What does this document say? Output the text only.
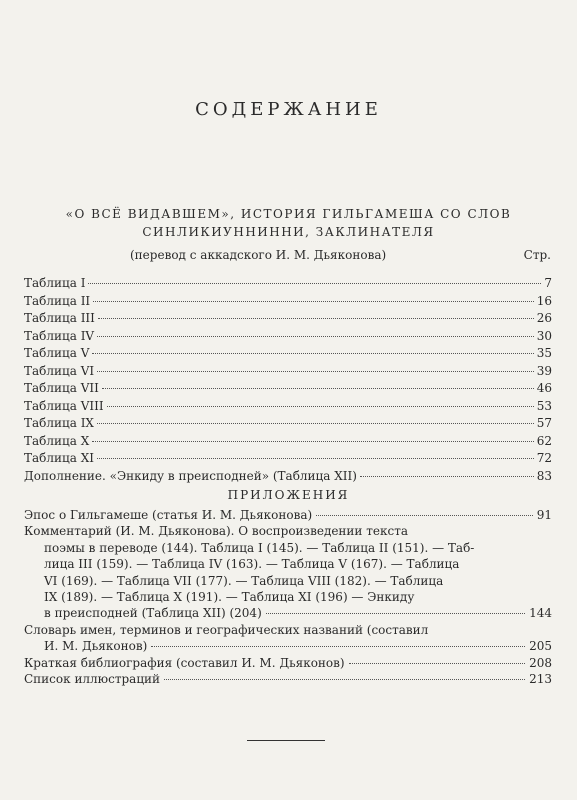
СОДЕРЖАНИЕ
«О ВСЁ ВИДАВШЕМ», ИСТОРИЯ ГИЛЬГАМЕША СО СЛОВ
СИНЛИКИУННИННИ, ЗАКЛИНАТЕЛЯ
(перевод с аккадского И. М. Дьяконова)	Стр.
Таблица I	7
Таблица II	16
Таблица III	26
Таблица IV	30
Таблица V	35
Таблица VI	39
Таблица VII	46
Таблица VIII	53
Таблица IX	57
Таблица X	62
Таблица XI	72
Дополнение. «Энкиду в преисподней» (Таблица XII)	83
ПРИЛОЖЕНИЯ
Эпос о Гильгамеше (статья И. М. Дьяконова)	91
Комментарий (И. М. Дьяконова). О воспроизведении текста
поэмы в переводе (144). Таблица I (145). — Таблица II (151). — Таб-
лица III (159). — Таблица IV (163). — Таблица V (167). — Таблица
VI (169). — Таблица VII (177). — Таблица VIII (182). — Таблица
IX (189). — Таблица X (191). — Таблица XI (196) — Энкиду
в преисподней (Таблица XII) (204)	144
Словарь имен, терминов и географических названий (составил
И. М. Дьяконов)	205
Краткая библиография (составил И. М. Дьяконов)	208
Список иллюстраций	213
